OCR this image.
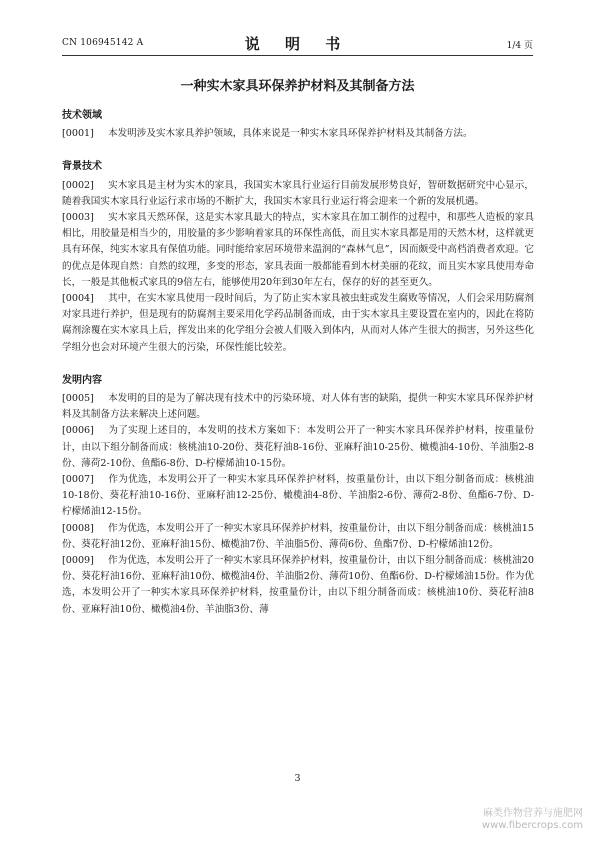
CN 106945142 A	说 明 书	1/4 页
一种实木家具环保养护材料及其制备方法
技术领域

[0001] 本发明涉及实木家具养护领域，具体来说是一种实木家具环保养护材料及其制备方法。

背景技术

[0002] 实木家具是主材为实木的家具，我国实木家具行业运行目前发展形势良好，智研数据研究中心显示，随着我国实木家具行业运行求市场的不断扩大，我国实木家具行业运行将会迎来一个新的发展机遇。

[0003] 实木家具天然环保，这是实木家具最大的特点，实木家具在加工制作的过程中，和那些人造板的家具相比，用胶量是相当少的，用胶量的多少影响着家具的环保性高低，而且实木家具都是用的天然木材，这样就更具有环保，纯实木家具有保值功能。同时能给家居环境带来温润的“森林气息”，因而颇受中高档消费者欢迎。它的优点是体现自然：自然的纹理，多变的形态，家具表面一般都能看到木材美丽的花纹，而且实木家具使用寿命长，一般是其他板式家具的9倍左右，能够使用20年到30年左右，保存的好的甚至更久。

[0004] 其中，在实木家具使用一段时间后，为了防止实木家具被虫蛀或发生腐败等情况，人们会采用防腐剂对家具进行养护，但是现有的防腐剂主要采用化学药品制备而成，由于实木家具主要设置在室内的，因此在将防腐剂涂覆在实木家具上后，挥发出来的化学组分会被人们吸入到体内，从而对人体产生很大的损害，另外这些化学组分也会对环境产生很大的污染，环保性能比较差。

发明内容

[0005] 本发明的目的是为了解决现有技术中的污染环境、对人体有害的缺陷，提供一种实木家具环保养护材料及其制备方法来解决上述问题。

[0006] 为了实现上述目的，本发明的技术方案如下：本发明公开了一种实木家具环保养护材料，按重量份计，由以下组分制备而成：核桃油10-20份、葵花籽油8-16份、亚麻籽油10-25份、橄榄油4-10份、羊油脂2-8份、薄荷2-10份、鱼酯6-8份、D-柠檬烯油10-15份。

[0007] 作为优选，本发明公开了一种实木家具环保养护材料，按重量份计，由以下组分制备而成：核桃油10-18份、葵花籽油10-16份、亚麻籽油12-25份、橄榄油4-8份、羊油脂2-6份、薄荷2-8份、鱼酯6-7份、D-柠檬烯油12-15份。

[0008] 作为优选，本发明公开了一种实木家具环保养护材料，按重量份计，由以下组分制备而成：核桃油15份、葵花籽油12份、亚麻籽油15份、橄榄油7份、羊油脂5份、薄荷6份、鱼酯7份、D-柠檬烯油12份。

[0009] 作为优选，本发明公开了一种实木家具环保养护材料，按重量份计，由以下组分制备而成：核桃油20份、葵花籽油16份、亚麻籽油10份、橄榄油4份、羊油脂2份、薄荷10份、鱼酯6份、D-柠檬烯油15份。作为优选，本发明公开了一种实木家具环保养护材料，按重量份计，由以下组分制备而成：核桃油10份、葵花籽油8份、亚麻籽油10份、橄榄油4份、羊油脂3份、薄

3
麻类作物营养与施肥网
www.fibercrops.com
